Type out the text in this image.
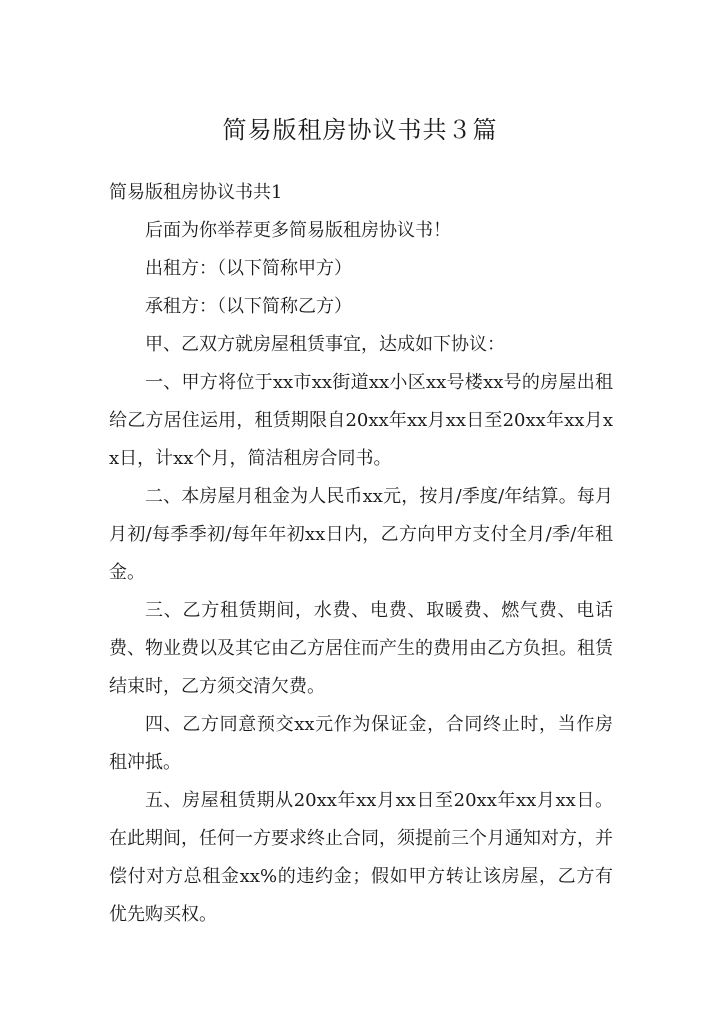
简易版租房协议书共３篇

简易版租房协议书共1

后面为你举荐更多简易版租房协议书！

出租方：（以下简称甲方）

承租方：（以下简称乙方）

甲、乙双方就房屋租赁事宜，达成如下协议：

一、甲方将位于xx市xx街道xx小区xx号楼xx号的房屋出租给乙方居住运用，租赁期限自20xx年xx月xx日至20xx年xx月xx日，计xx个月，简洁租房合同书。

二、本房屋月租金为人民币xx元，按月/季度/年结算。每月月初/每季季初/每年年初xx日内，乙方向甲方支付全月/季/年租金。

三、乙方租赁期间，水费、电费、取暖费、燃气费、电话费、物业费以及其它由乙方居住而产生的费用由乙方负担。租赁结束时，乙方须交清欠费。

四、乙方同意预交xx元作为保证金，合同终止时，当作房租冲抵。

五、房屋租赁期从20xx年xx月xx日至20xx年xx月xx日。在此期间，任何一方要求终止合同，须提前三个月通知对方，并偿付对方总租金xx%的违约金；假如甲方转让该房屋，乙方有优先购买权。
